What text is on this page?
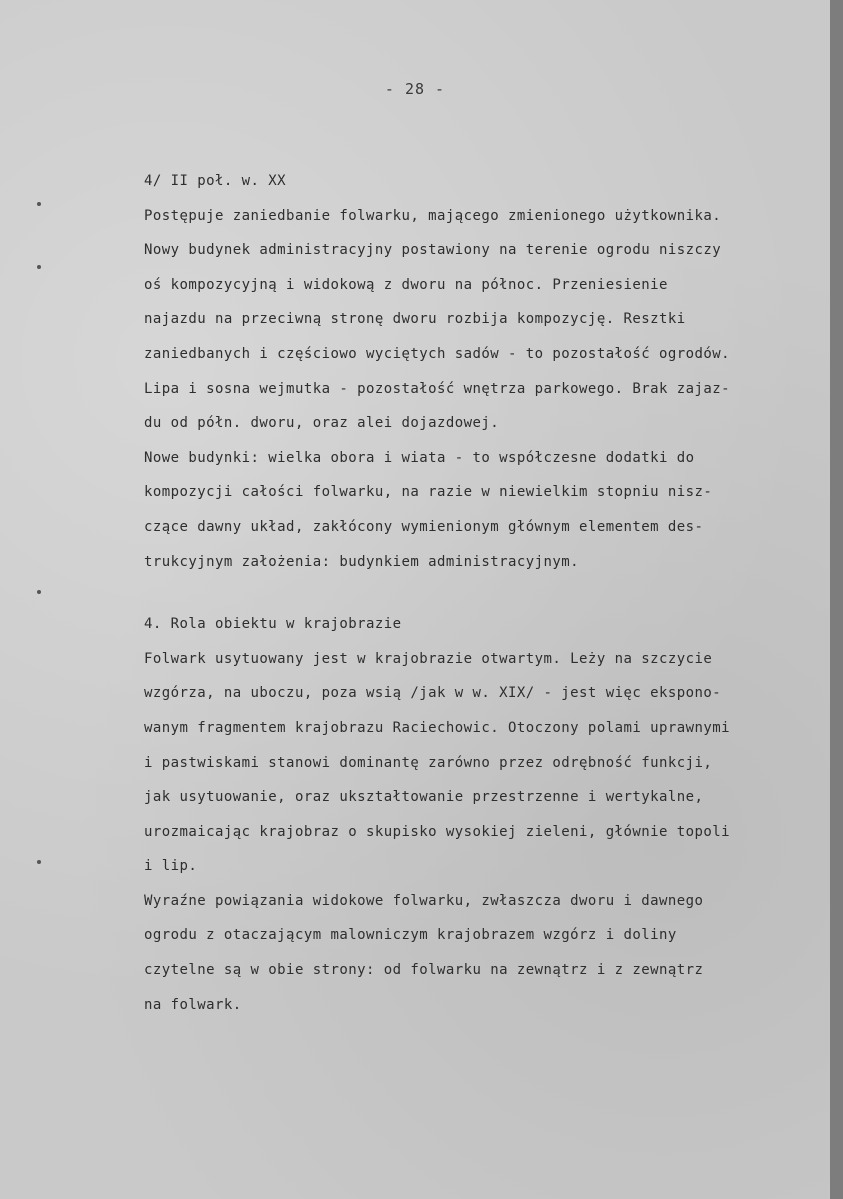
- 28 -
4/ II poł. w. XX
Postępuje zaniedbanie folwarku, mającego zmienionego użytkownika.
Nowy budynek administracyjny postawiony na terenie ogrodu niszczy
oś kompozycyjną i widokową z dworu na północ. Przeniesienie
najazdu na przeciwną stronę dworu rozbija kompozycję. Resztki
zaniedbanych i częściowo wyciętych sadów - to pozostałość ogrodów.
Lipa i sosna wejmutka - pozostałość wnętrza parkowego. Brak zajaz-
du od półn. dworu, oraz alei dojazdowej.
Nowe budynki: wielka obora i wiata - to współczesne dodatki do
kompozycji całości folwarku, na razie w niewielkim stopniu nisz-
czące dawny układ, zakłócony wymienionym głównym elementem des-
trukcyjnym założenia: budynkiem administracyjnym.
4. Rola obiektu w krajobrazie
Folwark usytuowany jest w krajobrazie otwartym. Leży na szczycie
wzgórza, na uboczu, poza wsią /jak w w. XIX/ - jest więc ekspono-
wanym fragmentem krajobrazu Raciechowic. Otoczony polami uprawnymi
i pastwiskami stanowi dominantę zarówno przez odrębność funkcji,
jak usytuowanie, oraz ukształtowanie przestrzenne i wertykalne,
urozmaicając krajobraz o skupisko wysokiej zieleni, głównie topoli
i lip.
Wyraźne powiązania widokowe folwarku, zwłaszcza dworu i dawnego
ogrodu z otaczającym malowniczym krajobrazem wzgórz i doliny
czytelne są w obie strony: od folwarku na zewnątrz i z zewnątrz
na folwark.
